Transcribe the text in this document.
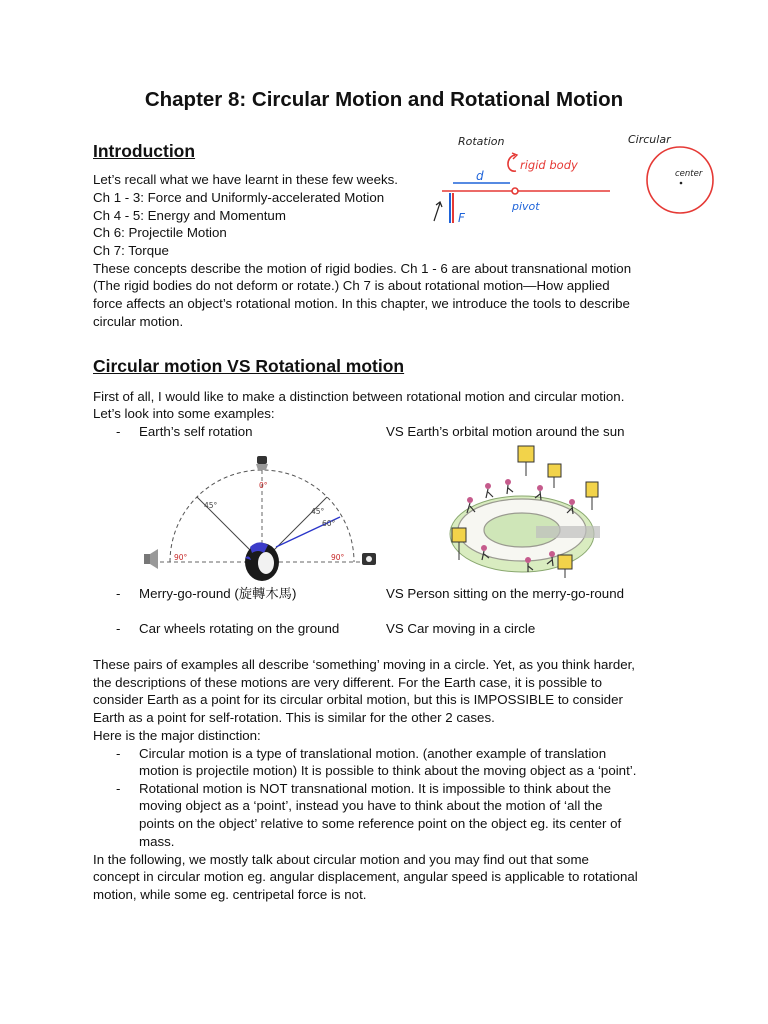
Chapter 8: Circular Motion and Rotational Motion
Introduction
Let’s recall what we have learnt in these few weeks.
Ch 1 - 3: Force and Uniformly-accelerated Motion
Ch 4 - 5: Energy and Momentum
Ch 6: Projectile Motion
Ch 7: Torque
These concepts describe the motion of rigid bodies. Ch 1 - 6 are about transnational motion
(The rigid bodies do not deform or rotate.) Ch 7 is about rotational motion—How applied
force affects an object’s rotational motion. In this chapter, we introduce the tools to describe
circular motion.
Rotation
rigid body
d
pivot
F
Circular
center
Circular motion VS Rotational motion
First of all, I would like to make a distinction between rotational motion and circular motion.
Let’s look into some examples:
- Earth’s self rotation	VS Earth’s orbital motion around the sun
0°
45°
45°
60°
90°	90°
- Merry-go-round (旋轉木馬)	VS Person sitting on the merry-go-round
- Car wheels rotating on the ground	VS Car moving in a circle
These pairs of examples all describe ‘something’ moving in a circle. Yet, as you think harder,
the descriptions of these motions are very different. For the Earth case, it is possible to
consider Earth as a point for its circular orbital motion, but this is IMPOSSIBLE to consider
Earth as a point for self-rotation. This is similar for the other 2 cases.
Here is the major distinction:
- Circular motion is a type of translational motion. (another example of translation
motion is projectile motion) It is possible to think about the moving object as a ‘point’.
- Rotational motion is NOT transnational motion. It is impossible to think about the
moving object as a ‘point’, instead you have to think about the motion of ‘all the
points on the object’ relative to some reference point on the object eg. its center of
mass.
In the following, we mostly talk about circular motion and you may find out that some
concept in circular motion eg. angular displacement, angular speed is applicable to rotational
motion, while some eg. centripetal force is not.
